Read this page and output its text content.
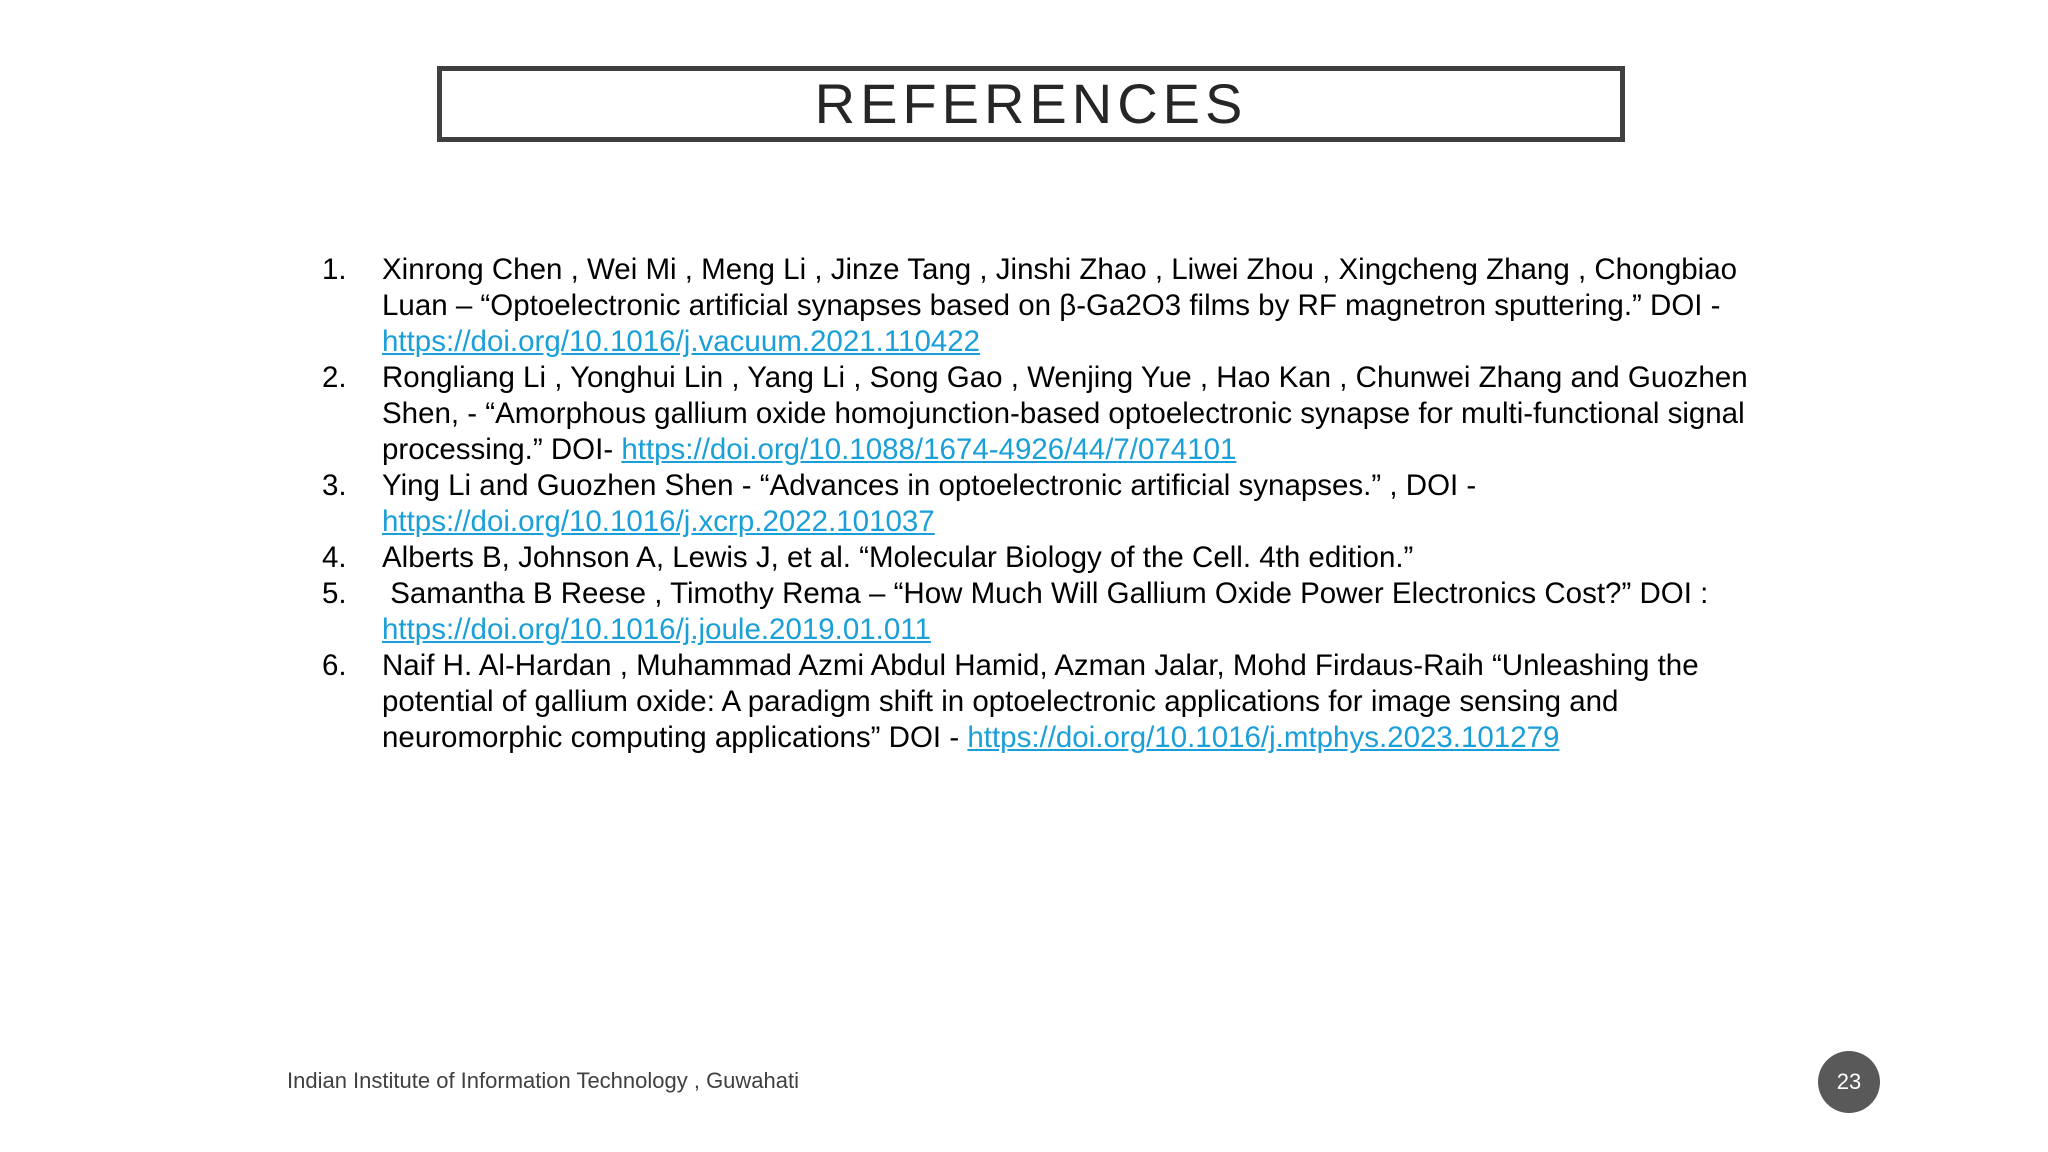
REFERENCES
1. Xinrong Chen , Wei Mi , Meng Li , Jinze Tang , Jinshi Zhao , Liwei Zhou , Xingcheng Zhang , Chongbiao Luan – “Optoelectronic artificial synapses based on β-Ga2O3 films by RF magnetron sputtering.” DOI - https://doi.org/10.1016/j.vacuum.2021.110422
2. Rongliang Li , Yonghui Lin , Yang Li , Song Gao , Wenjing Yue , Hao Kan , Chunwei Zhang and Guozhen Shen, - “Amorphous gallium oxide homojunction-based optoelectronic synapse for multi-functional signal processing.” DOI- https://doi.org/10.1088/1674-4926/44/7/074101
3. Ying Li and Guozhen Shen - “Advances in optoelectronic artificial synapses.” , DOI - https://doi.org/10.1016/j.xcrp.2022.101037
4. Alberts B, Johnson A, Lewis J, et al. “Molecular Biology of the Cell. 4th edition.”
5. Samantha B Reese , Timothy Rema – “How Much Will Gallium Oxide Power Electronics Cost?” DOI : https://doi.org/10.1016/j.joule.2019.01.011
6. Naif H. Al-Hardan , Muhammad Azmi Abdul Hamid, Azman Jalar, Mohd Firdaus-Raih “Unleashing the potential of gallium oxide: A paradigm shift in optoelectronic applications for image sensing and neuromorphic computing applications” DOI - https://doi.org/10.1016/j.mtphys.2023.101279
Indian Institute of Information Technology , Guwahati	23
